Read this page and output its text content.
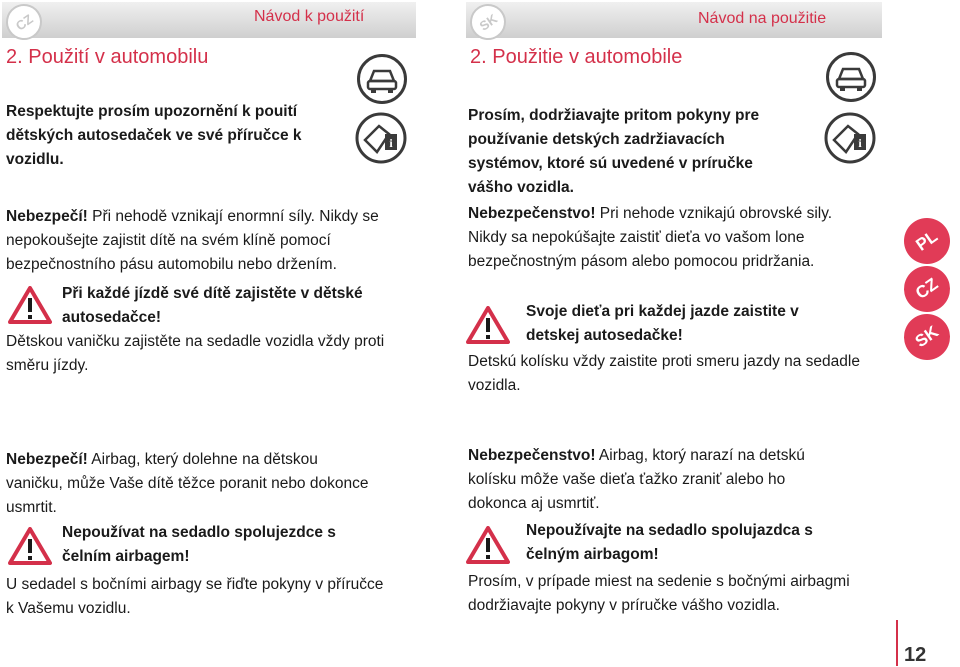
CZ	Návod k použití
2. Použití v automobilu
i
Respektujte prosím upozornění k pouití dětských autosedaček ve své příručce k vozidlu.
Nebezpečí! Při nehodě vznikají enormní síly. Nikdy se nepokoušejte zajistit dítě na svém klíně pomocí bezpečnostního pásu automobilu nebo držením.
Při každé jízdě své dítě zajistěte v dětské autosedačce!
Dětskou vaničku zajistěte na sedadle vozidla vždy proti směru jízdy.
Nebezpečí! Airbag, který dolehne na dětskou vaničku, může Vaše dítě těžce poranit nebo dokonce usmrtit.
Nepoužívat na sedadlo spolujezdce s čelním airbagem!
U sedadel s bočními airbagy se řiďte pokyny v příručce k Vašemu vozidlu.
SK	Návod na použitie
2. Použitie v automobile
i
Prosím, dodržiavajte pritom pokyny pre používanie detských zadržiavacích systémov, ktoré sú uvedené v príručke vášho vozidla.
Nebezpečenstvo! Pri nehode vznikajú obrovské sily. Nikdy sa nepokúšajte zaistiť dieťa vo vašom lone bezpečnostným pásom alebo pomocou pridržania.
Svoje dieťa pri každej jazde zaistite v detskej autosedačke!
Detskú kolísku vždy zaistite proti smeru jazdy na sedadle vozidla.
Nebezpečenstvo! Airbag, ktorý narazí na detskú kolísku môže vaše dieťa ťažko zraniť alebo ho dokonca aj usmrtiť.
Nepoužívajte na sedadlo spolujazdca s čelným airbagom!
Prosím, v prípade miest na sedenie s bočnými airbagmi dodržiavajte pokyny v príručke vášho vozidla.
PL
CZ
SK
12
